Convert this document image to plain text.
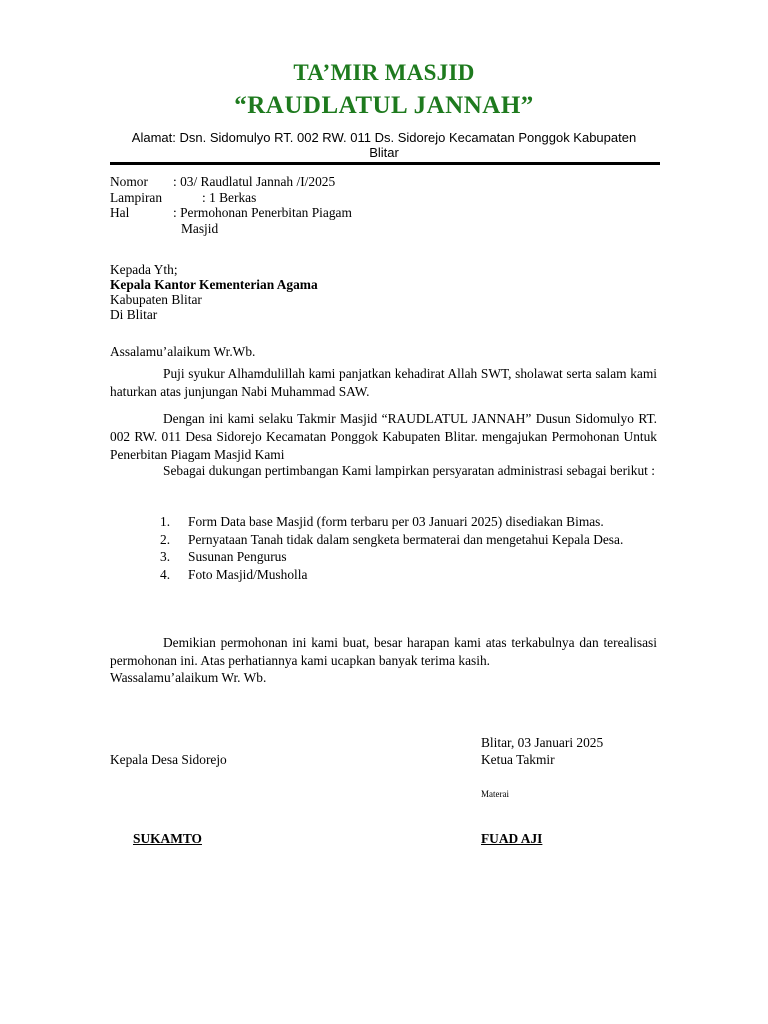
TA’MIR MASJID
“RAUDLATUL JANNAH”
Alamat: Dsn. Sidomulyo RT. 002 RW. 011 Ds. Sidorejo Kecamatan Ponggok Kabupaten Blitar
Nomor : 03/ Raudlatul Jannah /I/2025
Lampiran	: 1 Berkas
Hal	: Permohonan Penerbitan Piagam
Masjid
Kepada Yth;
Kepala Kantor Kementerian Agama
Kabupaten Blitar
Di Blitar
Assalamu’alaikum Wr.Wb.
Puji syukur Alhamdulillah kami panjatkan kehadirat Allah SWT, sholawat serta salam kami haturkan atas junjungan Nabi Muhammad SAW.
Dengan ini kami selaku Takmir Masjid “RAUDLATUL JANNAH” Dusun Sidomulyo RT. 002 RW. 011 Desa Sidorejo Kecamatan Ponggok Kabupaten Blitar. mengajukan Permohonan Untuk Penerbitan Piagam Masjid Kami
Sebagai dukungan pertimbangan Kami lampirkan persyaratan administrasi sebagai berikut :
1.	Form Data base Masjid (form terbaru per 03 Januari 2025) disediakan Bimas.
2.	Pernyataan Tanah tidak dalam sengketa bermaterai dan mengetahui Kepala Desa.
3.	Susunan Pengurus
4.	Foto Masjid/Musholla
Demikian permohonan ini kami buat, besar harapan kami atas terkabulnya dan terealisasi permohonan ini. Atas perhatiannya kami ucapkan banyak terima kasih.
Wassalamu’alaikum Wr. Wb.
Blitar, 03 Januari 2025
Kepala Desa Sidorejo	Ketua Takmir
Materai
SUKAMTO	FUAD AJI
